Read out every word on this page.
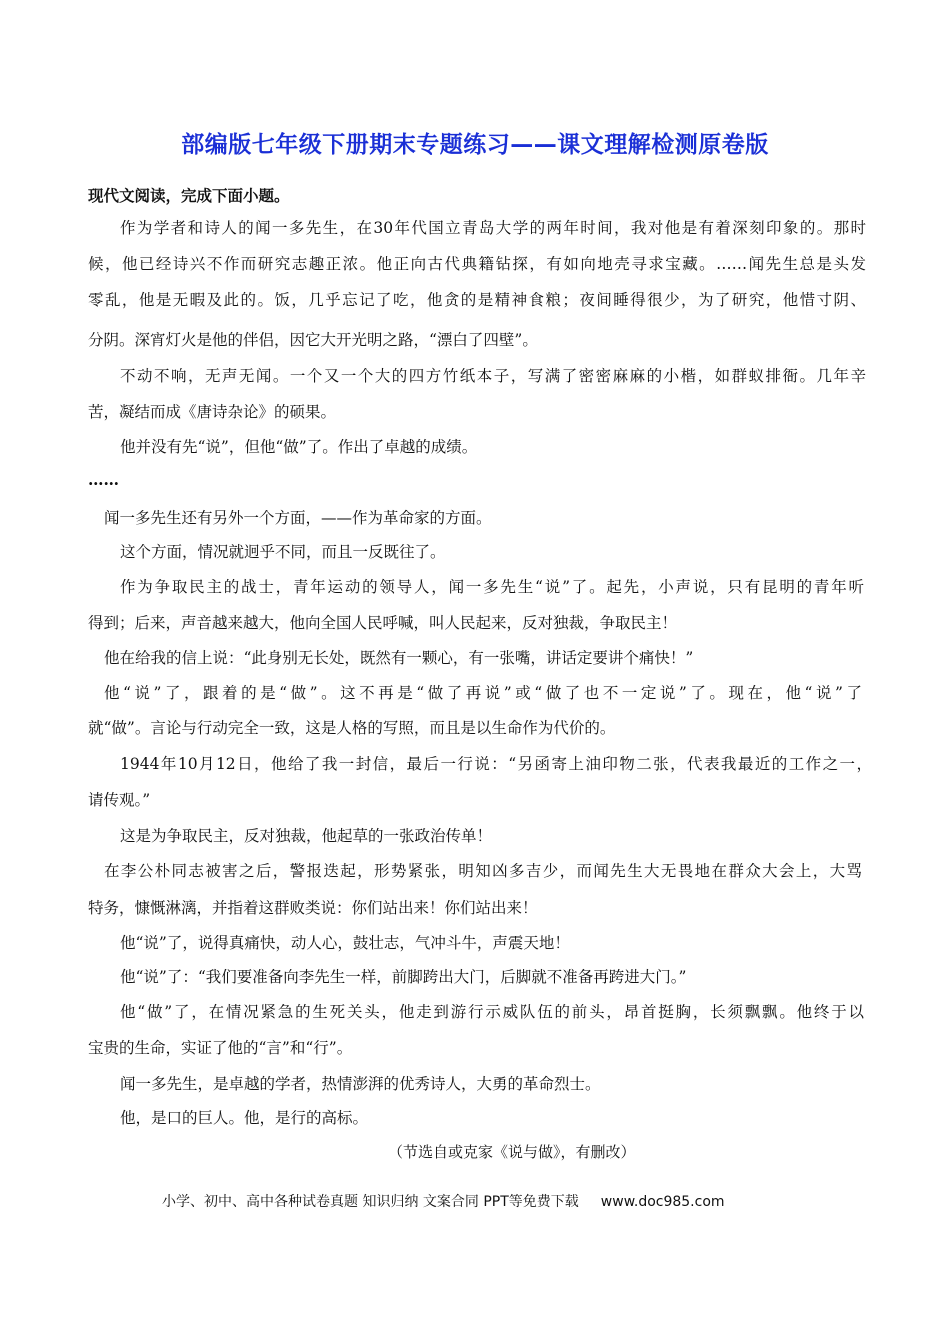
部编版七年级下册期末专题练习——课文理解检测原卷版
现代文阅读，完成下面小题。
作为学者和诗人的闻一多先生，在30年代国立青岛大学的两年时间，我对他是有着深刻印象的。那时
候，他已经诗兴不作而研究志趣正浓。他正向古代典籍钻探，有如向地壳寻求宝藏。……闻先生总是头发
零乱，他是无暇及此的。饭，几乎忘记了吃，他贪的是精神食粮；夜间睡得很少，为了研究，他惜寸阴、
分阴。深宵灯火是他的伴侣，因它大开光明之路，“漂白了四壁”。
不动不响，无声无闻。一个又一个大的四方竹纸本子，写满了密密麻麻的小楷，如群蚁排衙。几年辛
苦，凝结而成《唐诗杂论》的硕果。
他并没有先“说”，但他“做”了。作出了卓越的成绩。
……
闻一多先生还有另外一个方面，——作为革命家的方面。
这个方面，情况就迥乎不同，而且一反既往了。
作为争取民主的战士，青年运动的领导人，闻一多先生“说”了。起先，小声说，只有昆明的青年听
得到；后来，声音越来越大，他向全国人民呼喊，叫人民起来，反对独裁，争取民主！
他在给我的信上说：“此身别无长处，既然有一颗心，有一张嘴，讲话定要讲个痛快！”
他“说”了，跟着的是“做”。这不再是“做了再说”或“做了也不一定说”了。现在，他“说”了
就“做”。言论与行动完全一致，这是人格的写照，而且是以生命作为代价的。
1944年10月12日，他给了我一封信，最后一行说：“另函寄上油印物二张，代表我最近的工作之一，
请传观。”
这是为争取民主，反对独裁，他起草的一张政治传单！
在李公朴同志被害之后，警报迭起，形势紧张，明知凶多吉少，而闻先生大无畏地在群众大会上，大骂
特务，慷慨淋漓，并指着这群败类说：你们站出来！你们站出来！
他“说”了，说得真痛快，动人心，鼓壮志，气冲斗牛，声震天地！
他“说”了：“我们要准备向李先生一样，前脚跨出大门，后脚就不准备再跨进大门。”
他“做”了，在情况紧急的生死关头，他走到游行示威队伍的前头，昂首挺胸，长须飘飘。他终于以
宝贵的生命，实证了他的“言”和“行”。
闻一多先生，是卓越的学者，热情澎湃的优秀诗人，大勇的革命烈士。
他，是口的巨人。他，是行的高标。
（节选自或克家《说与做》，有删改）
小学、初中、高中各种试卷真题 知识归纳 文案合同 PPT等免费下载 www.doc985.com
